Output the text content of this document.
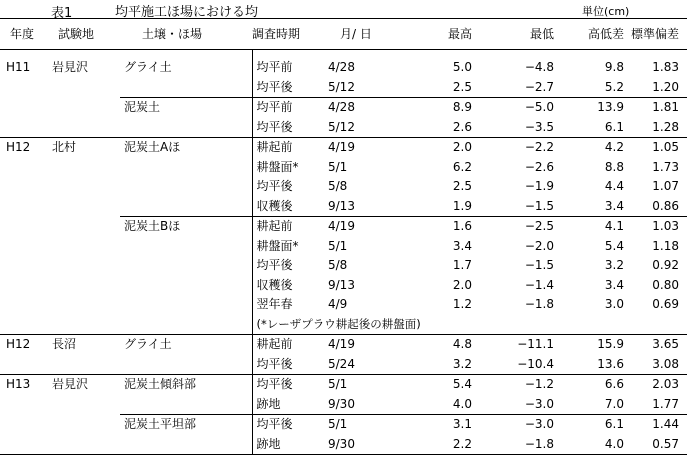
表1	均平施工ほ場における均	単位(cm)
年度	試験地	土壌・ほ場	調査時期	月/ 日	最高	最低	高低差	標準偏差
H11	岩見沢	グライ土	均平前	4/28	5.0	−4.8	9.8	1.83
			均平後	5/12	2.5	−2.7	5.2	1.20
		泥炭土	均平前	4/28	8.9	−5.0	13.9	1.81
			均平後	5/12	2.6	−3.5	6.1	1.28
H12	北村	泥炭土Aほ	耕起前	4/19	2.0	−2.2	4.2	1.05
			耕盤面*	5/1	6.2	−2.6	8.8	1.73
			均平後	5/8	2.5	−1.9	4.4	1.07
			収穫後	9/13	1.9	−1.5	3.4	0.86
		泥炭土Bほ	耕起前	4/19	1.6	−2.5	4.1	1.03
			耕盤面*	5/1	3.4	−2.0	5.4	1.18
			均平後	5/8	1.7	−1.5	3.2	0.92
			収穫後	9/13	2.0	−1.4	3.4	0.80
			翌年春	4/9	1.2	−1.8	3.0	0.69
			(*レーザプラウ耕起後の耕盤面)					
H12	長沼	グライ土	耕起前	4/19	4.8	−11.1	15.9	3.65
			均平後	5/24	3.2	−10.4	13.6	3.08
H13	岩見沢	泥炭土傾斜部	均平後	5/1	5.4	−1.2	6.6	2.03
			跡地	9/30	4.0	−3.0	7.0	1.77
		泥炭土平坦部	均平後	5/1	3.1	−3.0	6.1	1.44
			跡地	9/30	2.2	−1.8	4.0	0.57
